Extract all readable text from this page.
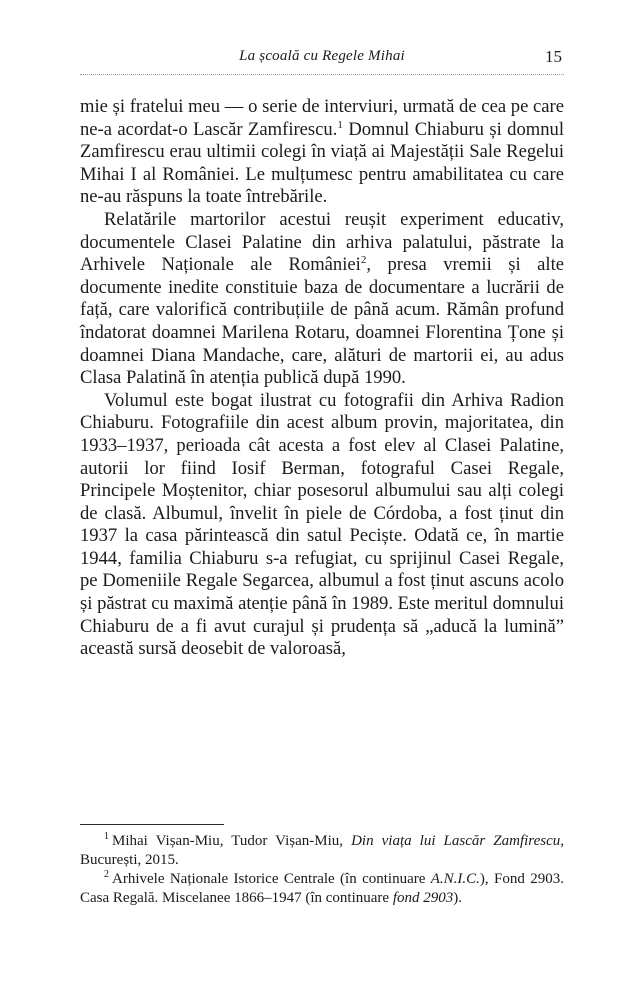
La școală cu Regele Mihai	15

mie și fratelui meu — o serie de interviuri, urmată de cea pe care ne-a acordat-o Lascăr Zamfirescu.$^1$ Domnul Chiaburu și domnul Zamfirescu erau ultimii colegi în viață ai Majestății Sale Regelui Mihai I al României. Le mulțumesc pentru amabilitatea cu care ne-au răspuns la toate întrebările.

Relatările martorilor acestui reușit experiment educativ, documentele Clasei Palatine din arhiva palatului, păstrate la Arhivele Naționale ale României$^2$, presa vremii și alte documente inedite constituie baza de documentare a lucrării de față, care valorifică contribuțiile de până acum. Rămân profund îndatorat doamnei Marilena Rotaru, doamnei Florentina Țone și doamnei Diana Mandache, care, alături de martorii ei, au adus Clasa Palatină în atenția publică după 1990.

Volumul este bogat ilustrat cu fotografii din Arhiva Radion Chiaburu. Fotografiile din acest album provin, majoritatea, din 1933–1937, perioada cât acesta a fost elev al Clasei Palatine, autorii lor fiind Iosif Berman, fotograful Casei Regale, Principele Moștenitor, chiar posesorul albumului sau alți colegi de clasă. Albumul, învelit în piele de Córdoba, a fost ținut din 1937 la casa părintească din satul Peciște. Odată ce, în martie 1944, familia Chiaburu s-a refugiat, cu sprijinul Casei Regale, pe Domeniile Regale Segarcea, albumul a fost ținut ascuns acolo și păstrat cu maximă atenție până în 1989. Este meritul domnului Chiaburu de a fi avut curajul și prudența să „aducă la lumină” această sursă deosebit de valoroasă,

$^1$ Mihai Vișan-Miu, Tudor Vișan-Miu, Din viața lui Lascăr Zamfirescu, București, 2015.

$^2$ Arhivele Naționale Istorice Centrale (în continuare A.N.I.C.), Fond 2903. Casa Regală. Miscelanee 1866–1947 (în continuare fond 2903).
